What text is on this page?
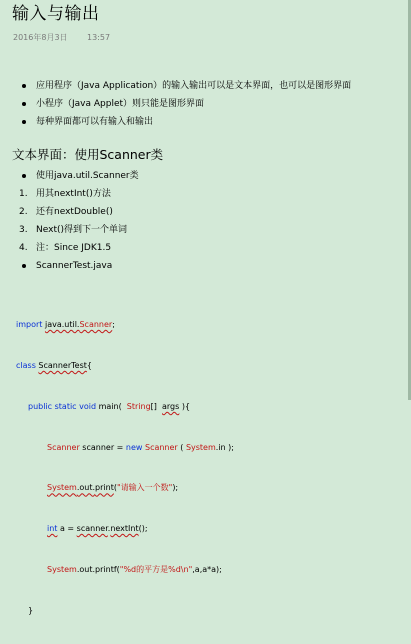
输入与输出
2016年8月3日 13:57
应用程序（Java Application）的输入输出可以是文本界面，也可以是图形界面
小程序（Java Applet）则只能是图形界面
每种界面都可以有输入和输出
文本界面：使用Scanner类
使用java.util.Scanner类
1. 用其nextInt()方法
2. 还有nextDouble()
3. Next()得到下一个单词
4. 注：Since JDK1.5
ScannerTest.java

import java.util.Scanner;

class ScannerTest{

public static void main(  String[]  args ){

Scanner scanner = new Scanner ( System.in );

System.out.print("请输入一个数");

int a = scanner.nextInt();

System.out.printf("%d的平方是%d\n",a,a*a);

}
